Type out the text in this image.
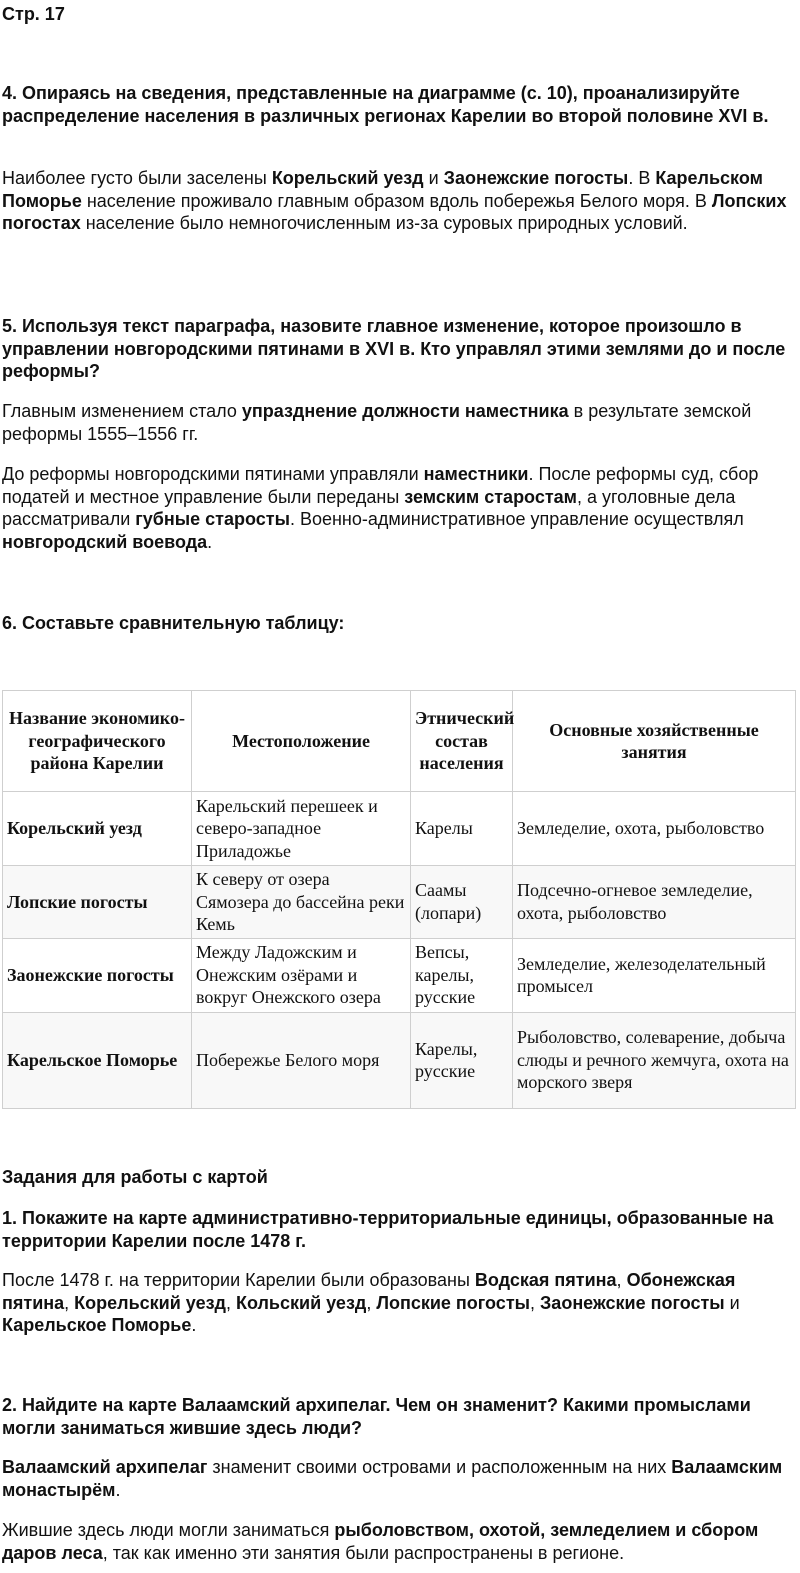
Стр. 17
4. Опираясь на сведения, представленные на диаграмме (с. 10), проанализируйте распределение населения в различных регионах Карелии во второй половине XVI в.
Наиболее густо были заселены Корельский уезд и Заонежские погосты. В Карельском Поморье население проживало главным образом вдоль побережья Белого моря. В Лопских погостах население было немногочисленным из-за суровых природных условий.
5. Используя текст параграфа, назовите главное изменение, которое произошло в управлении новгородскими пятинами в XVI в. Кто управлял этими землями до и после реформы?
Главным изменением стало упразднение должности наместника в результате земской реформы 1555–1556 гг.
До реформы новгородскими пятинами управляли наместники. После реформы суд, сбор податей и местное управление были переданы земским старостам, а уголовные дела рассматривали губные старосты. Военно-административное управление осуществлял новгородский воевода.
6. Составьте сравнительную таблицу:
Название экономико-географического района Карелии	Местоположение	Этнический состав населения	Основные хозяйственные занятия
Корельский уезд	Карельский перешеек и северо-западное Приладожье	Карелы	Земледелие, охота, рыболовство
Лопские погосты	К северу от озера Сямозера до бассейна реки Кемь	Саамы (лопари)	Подсечно-огневое земледелие, охота, рыболовство
Заонежские погосты	Между Ладожским и Онежским озёрами и вокруг Онежского озера	Вепсы, карелы, русские	Земледелие, железоделательный промысел
Карельское Поморье	Побережье Белого моря	Карелы, русские	Рыболовство, солеварение, добыча слюды и речного жемчуга, охота на морского зверя
Задания для работы с картой
1. Покажите на карте административно-территориальные единицы, образованные на территории Карелии после 1478 г.
После 1478 г. на территории Карелии были образованы Водская пятина, Обонежская пятина, Корельский уезд, Кольский уезд, Лопские погосты, Заонежские погосты и Карельское Поморье.
2. Найдите на карте Валаамский архипелаг. Чем он знаменит? Какими промыслами могли заниматься жившие здесь люди?
Валаамский архипелаг знаменит своими островами и расположенным на них Валаамским монастырём.
Жившие здесь люди могли заниматься рыболовством, охотой, земледелием и сбором даров леса, так как именно эти занятия были распространены в регионе.
